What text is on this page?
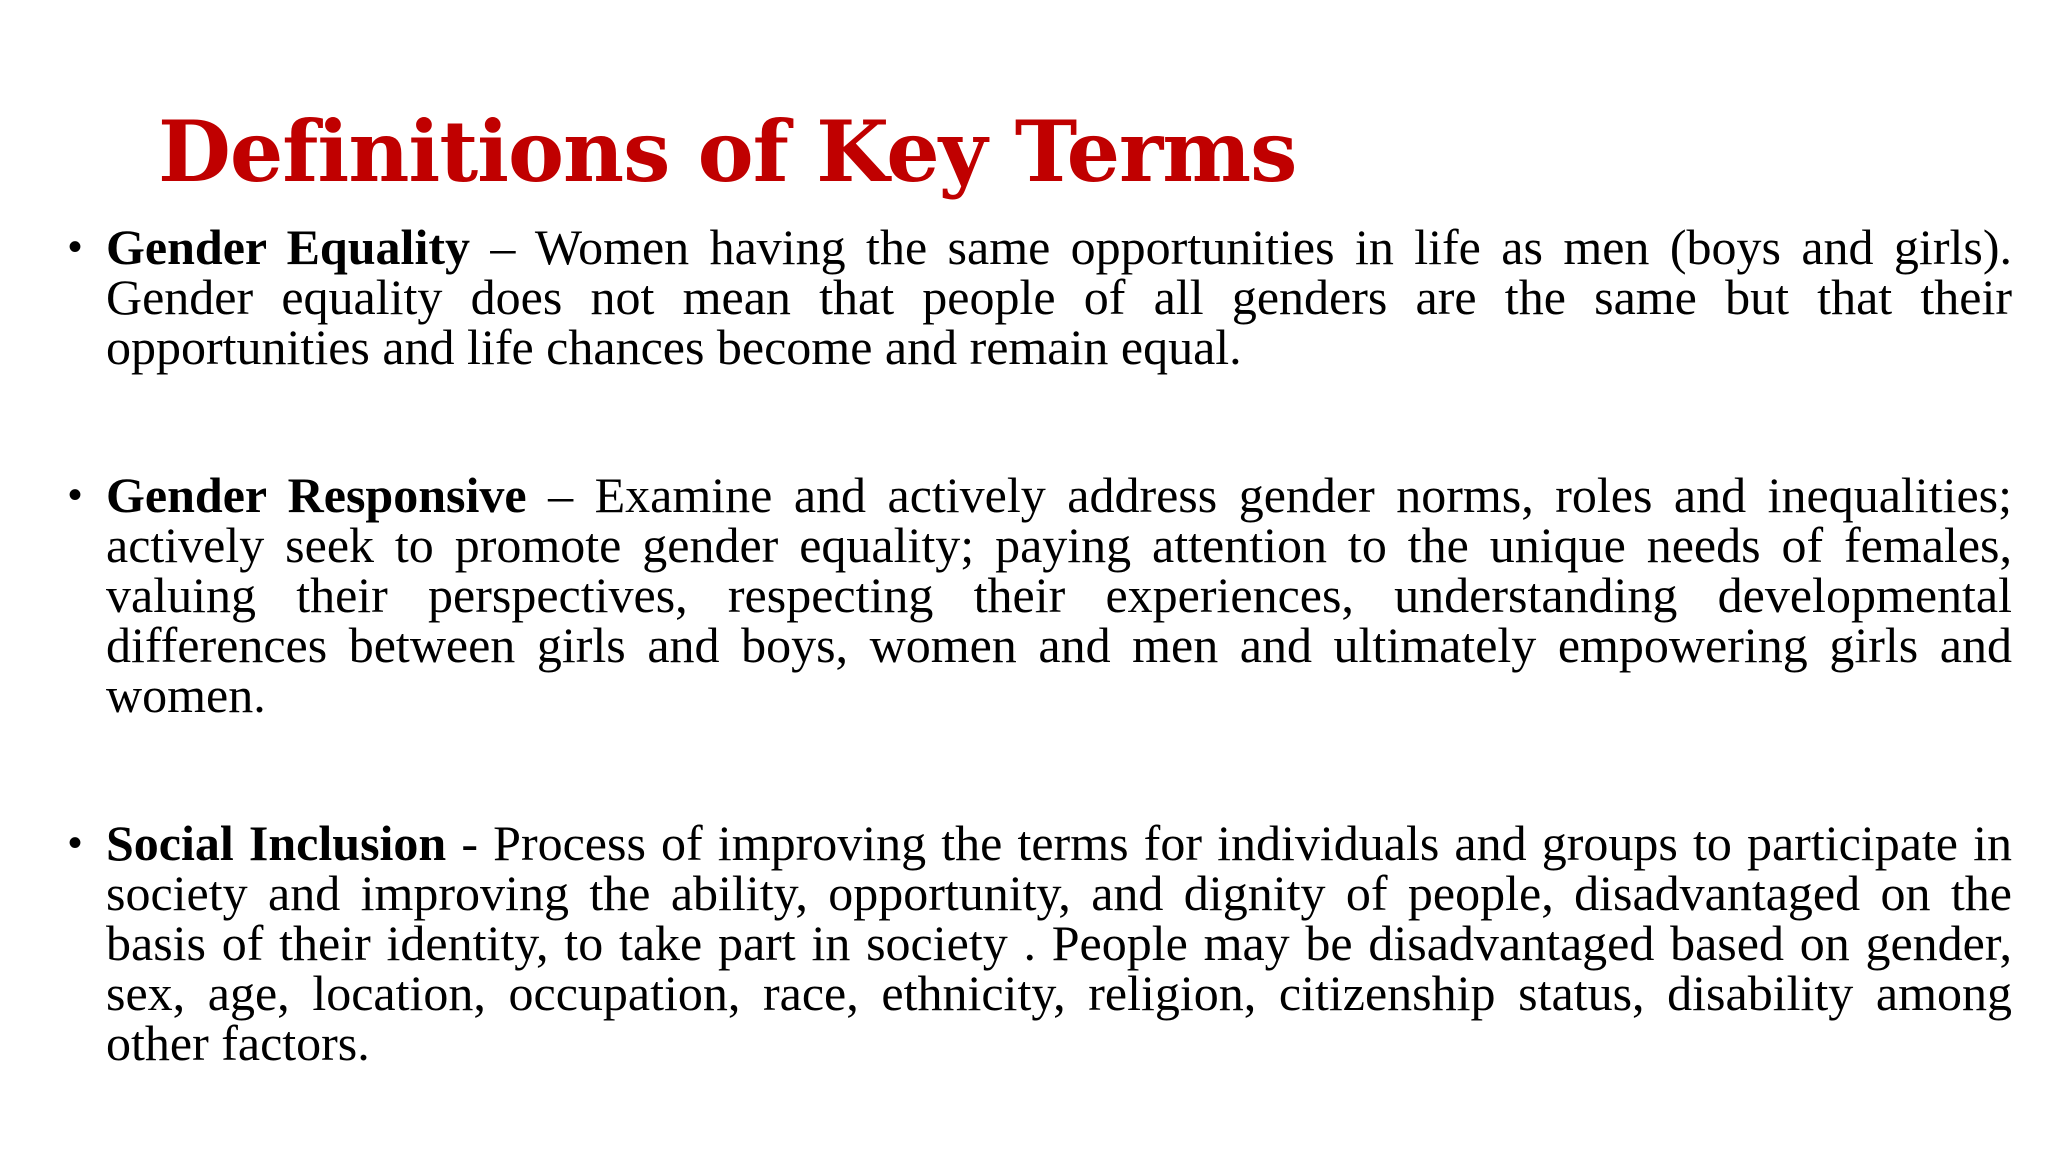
Definitions of Key Terms
• Gender Equality – Women having the same opportunities in life as men (boys and girls). Gender equality does not mean that people of all genders are the same but that their opportunities and life chances become and remain equal.
• Gender Responsive – Examine and actively address gender norms, roles and inequalities; actively seek to promote gender equality; paying attention to the unique needs of females, valuing their perspectives, respecting their experiences, understanding developmental differences between girls and boys, women and men and ultimately empowering girls and women.
• Social Inclusion - Process of improving the terms for individuals and groups to participate in society and improving the ability, opportunity, and dignity of people, disadvantaged on the basis of their identity, to take part in society . People may be disadvantaged based on gender, sex, age, location, occupation, race, ethnicity, religion, citizenship status, disability among other factors.
